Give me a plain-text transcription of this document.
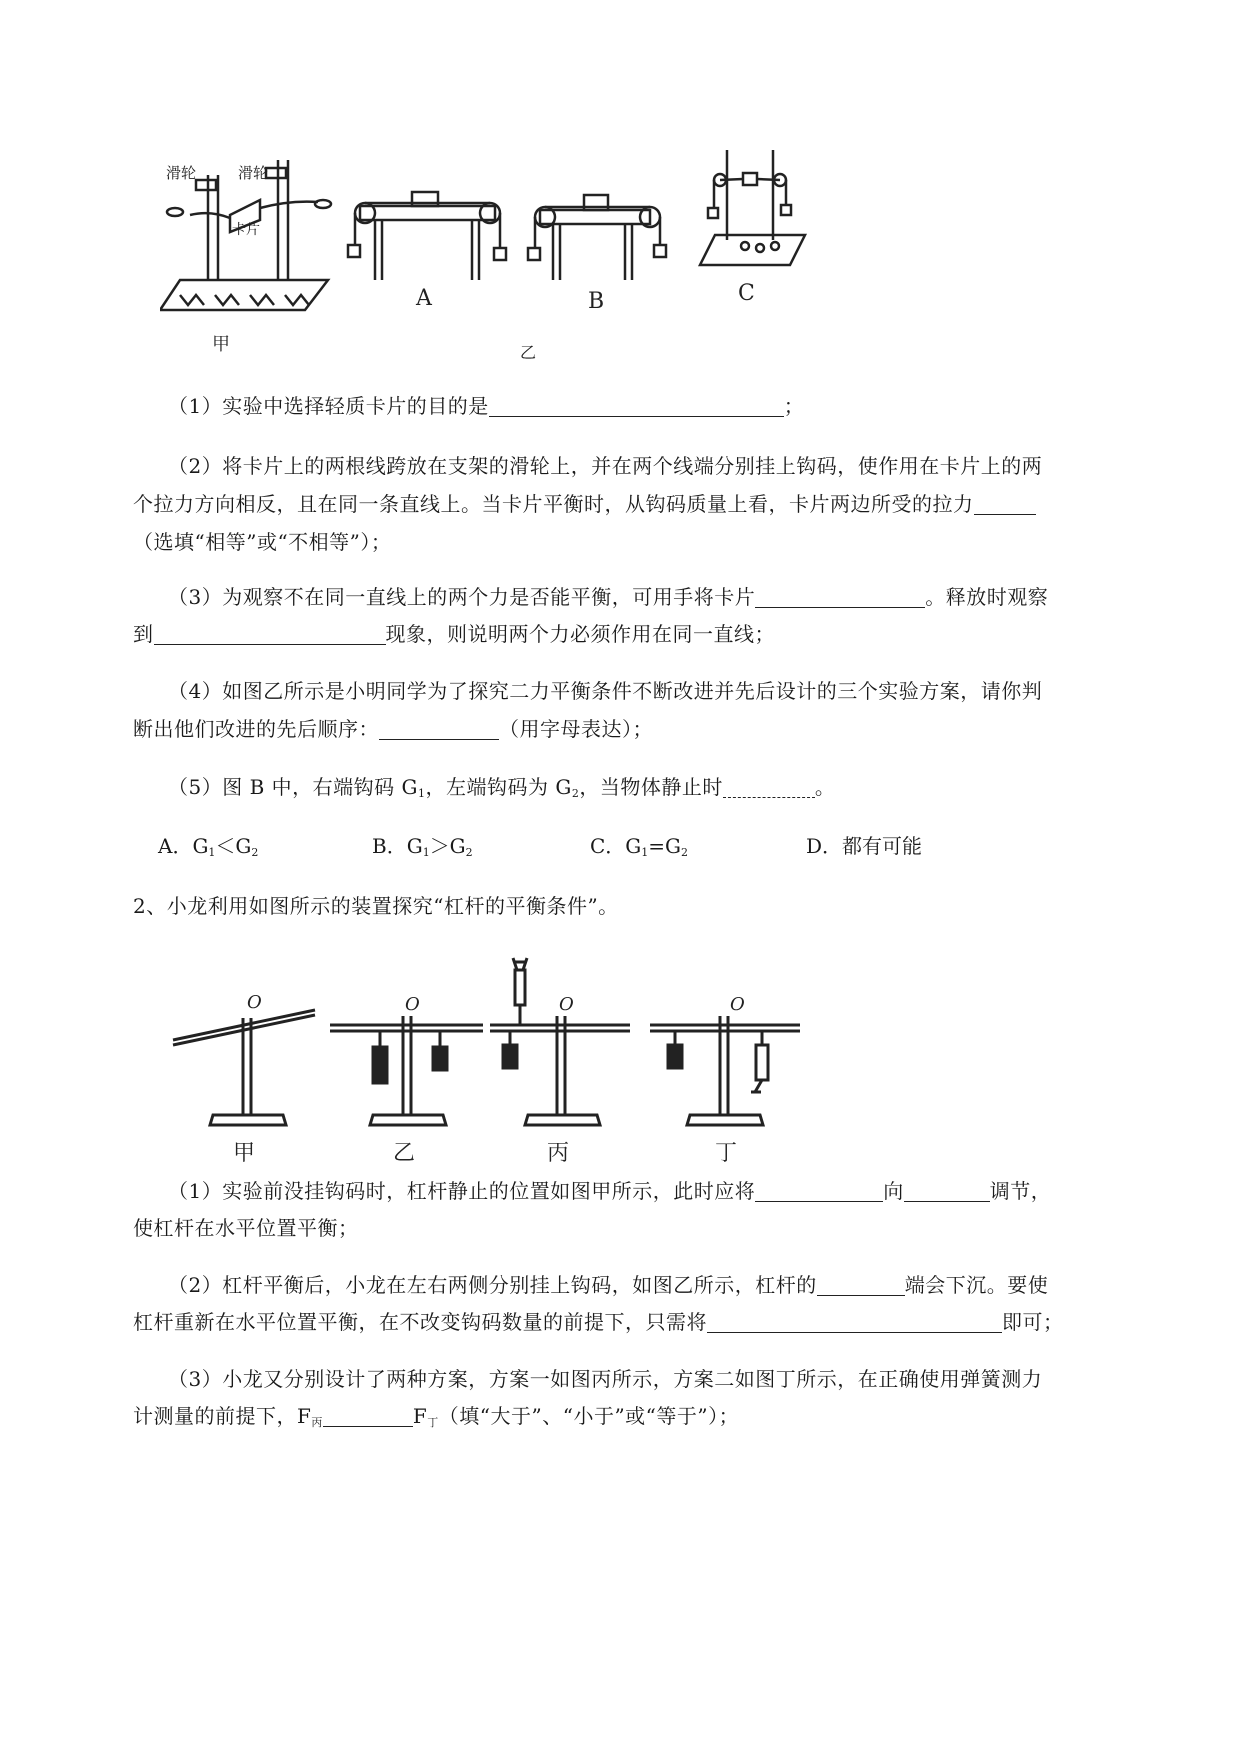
滑轮	滑轮
卡片
甲
A	B	C
乙
（1）实验中选择轻质卡片的目的是	；
（2）将卡片上的两根线跨放在支架的滑轮上，并在两个线端分别挂上钩码，使作用在卡片上的两
个拉力方向相反，且在同一条直线上。当卡片平衡时，从钩码质量上看，卡片两边所受的拉力
（选填“相等”或“不相等”）；
（3）为观察不在同一直线上的两个力是否能平衡，可用手将卡片	。释放时观察
到	现象，则说明两个力必须作用在同一直线；
（4）如图乙所示是小明同学为了探究二力平衡条件不断改进并先后设计的三个实验方案，请你判
断出他们改进的先后顺序：	（用字母表达）；
（5）图 B 中，右端钩码 $G_1$，左端钩码为 $G_2$，当物体静止时	。
A．$G_1<G_2$	B．$G_1>G_2$	C．$G_1=G_2$	D．都有可能
2、小龙利用如图所示的装置探究“杠杆的平衡条件”。
O	O	O	O
甲	乙	丙	丁
（1）实验前没挂钩码时，杠杆静止的位置如图甲所示，此时应将	向	调节，
使杠杆在水平位置平衡；
（2）杠杆平衡后，小龙在左右两侧分别挂上钩码，如图乙所示，杠杆的	端会下沉。要使
杠杆重新在水平位置平衡，在不改变钩码数量的前提下，只需将	即可；
（3）小龙又分别设计了两种方案，方案一如图丙所示，方案二如图丁所示，在正确使用弹簧测力
计测量的前提下，$F_丙$	$F_丁$（填“大于”、“小于”或“等于”）；
